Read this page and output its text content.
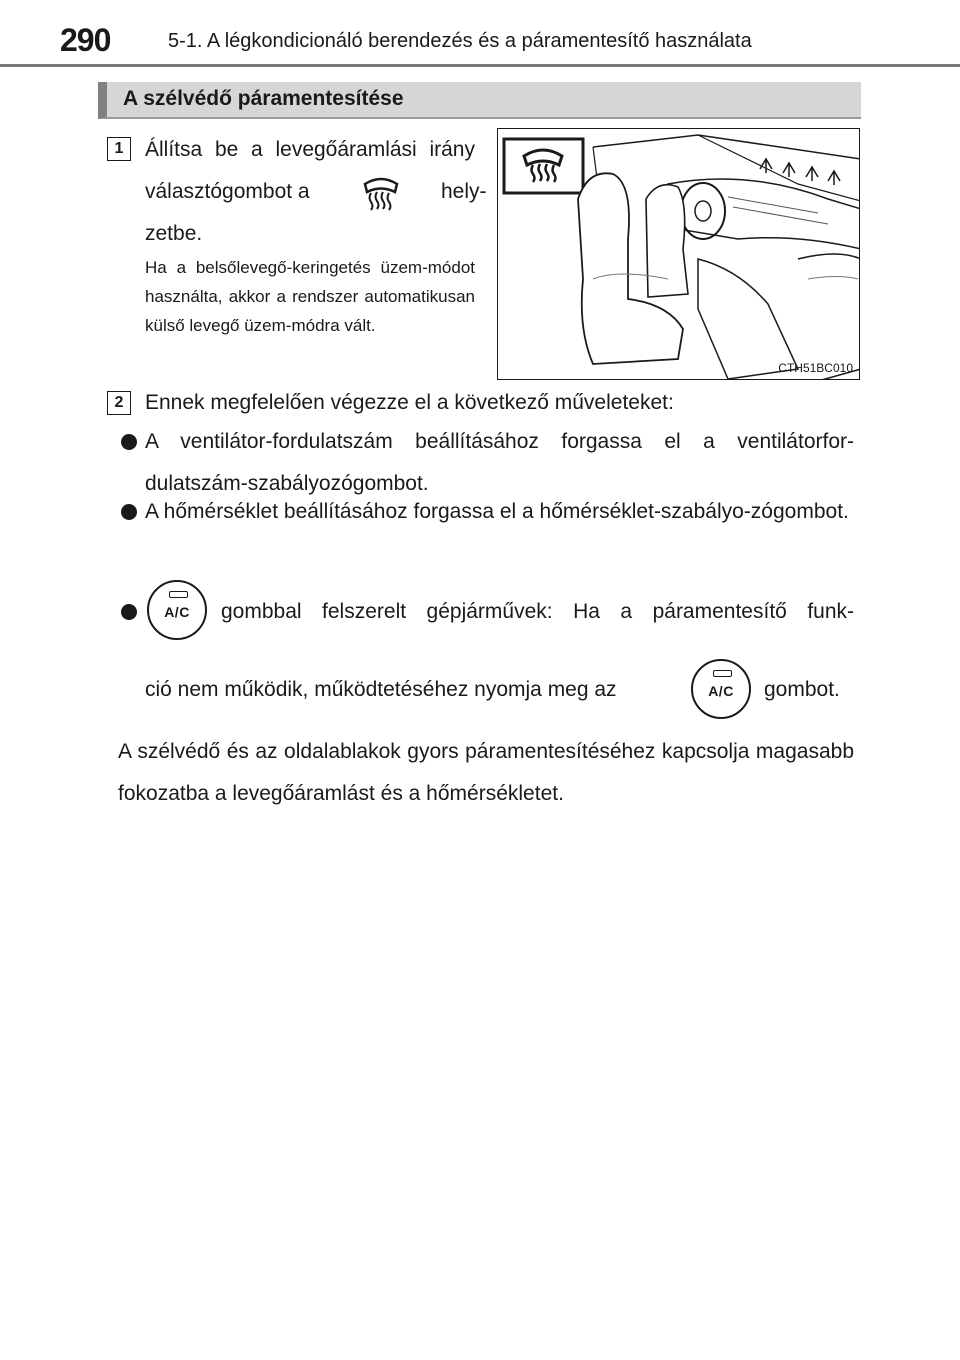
290	5-1. A légkondicionáló berendezés és a páramentesítő használata
A szélvédő páramentesítése
1	Állítsa be a levegőáramlási irány
választógombot a	hely-
zetbe.
Ha a belsőlevegő-keringetés üzem-módot használta, akkor a rendszer automatikusan külső levegő üzem-módra vált.
CTH51BC010
2	Ennek megfelelően végezze el a következő műveleteket:
A ventilátor-fordulatszám beállításához forgassa el a ventilátorfor-dulatszám-szabályozógombot.
A hőmérséklet beállításához forgassa el a hőmérséklet-szabályo-zógombot.
A/C	gombbal felszerelt gépjárművek: Ha a páramentesítő funk-
ció nem működik, működtetéséhez nyomja meg az	A/C	gombot.
A szélvédő és az oldalablakok gyors páramentesítéséhez kapcsolja magasabb fokozatba a levegőáramlást és a hőmérsékletet.
